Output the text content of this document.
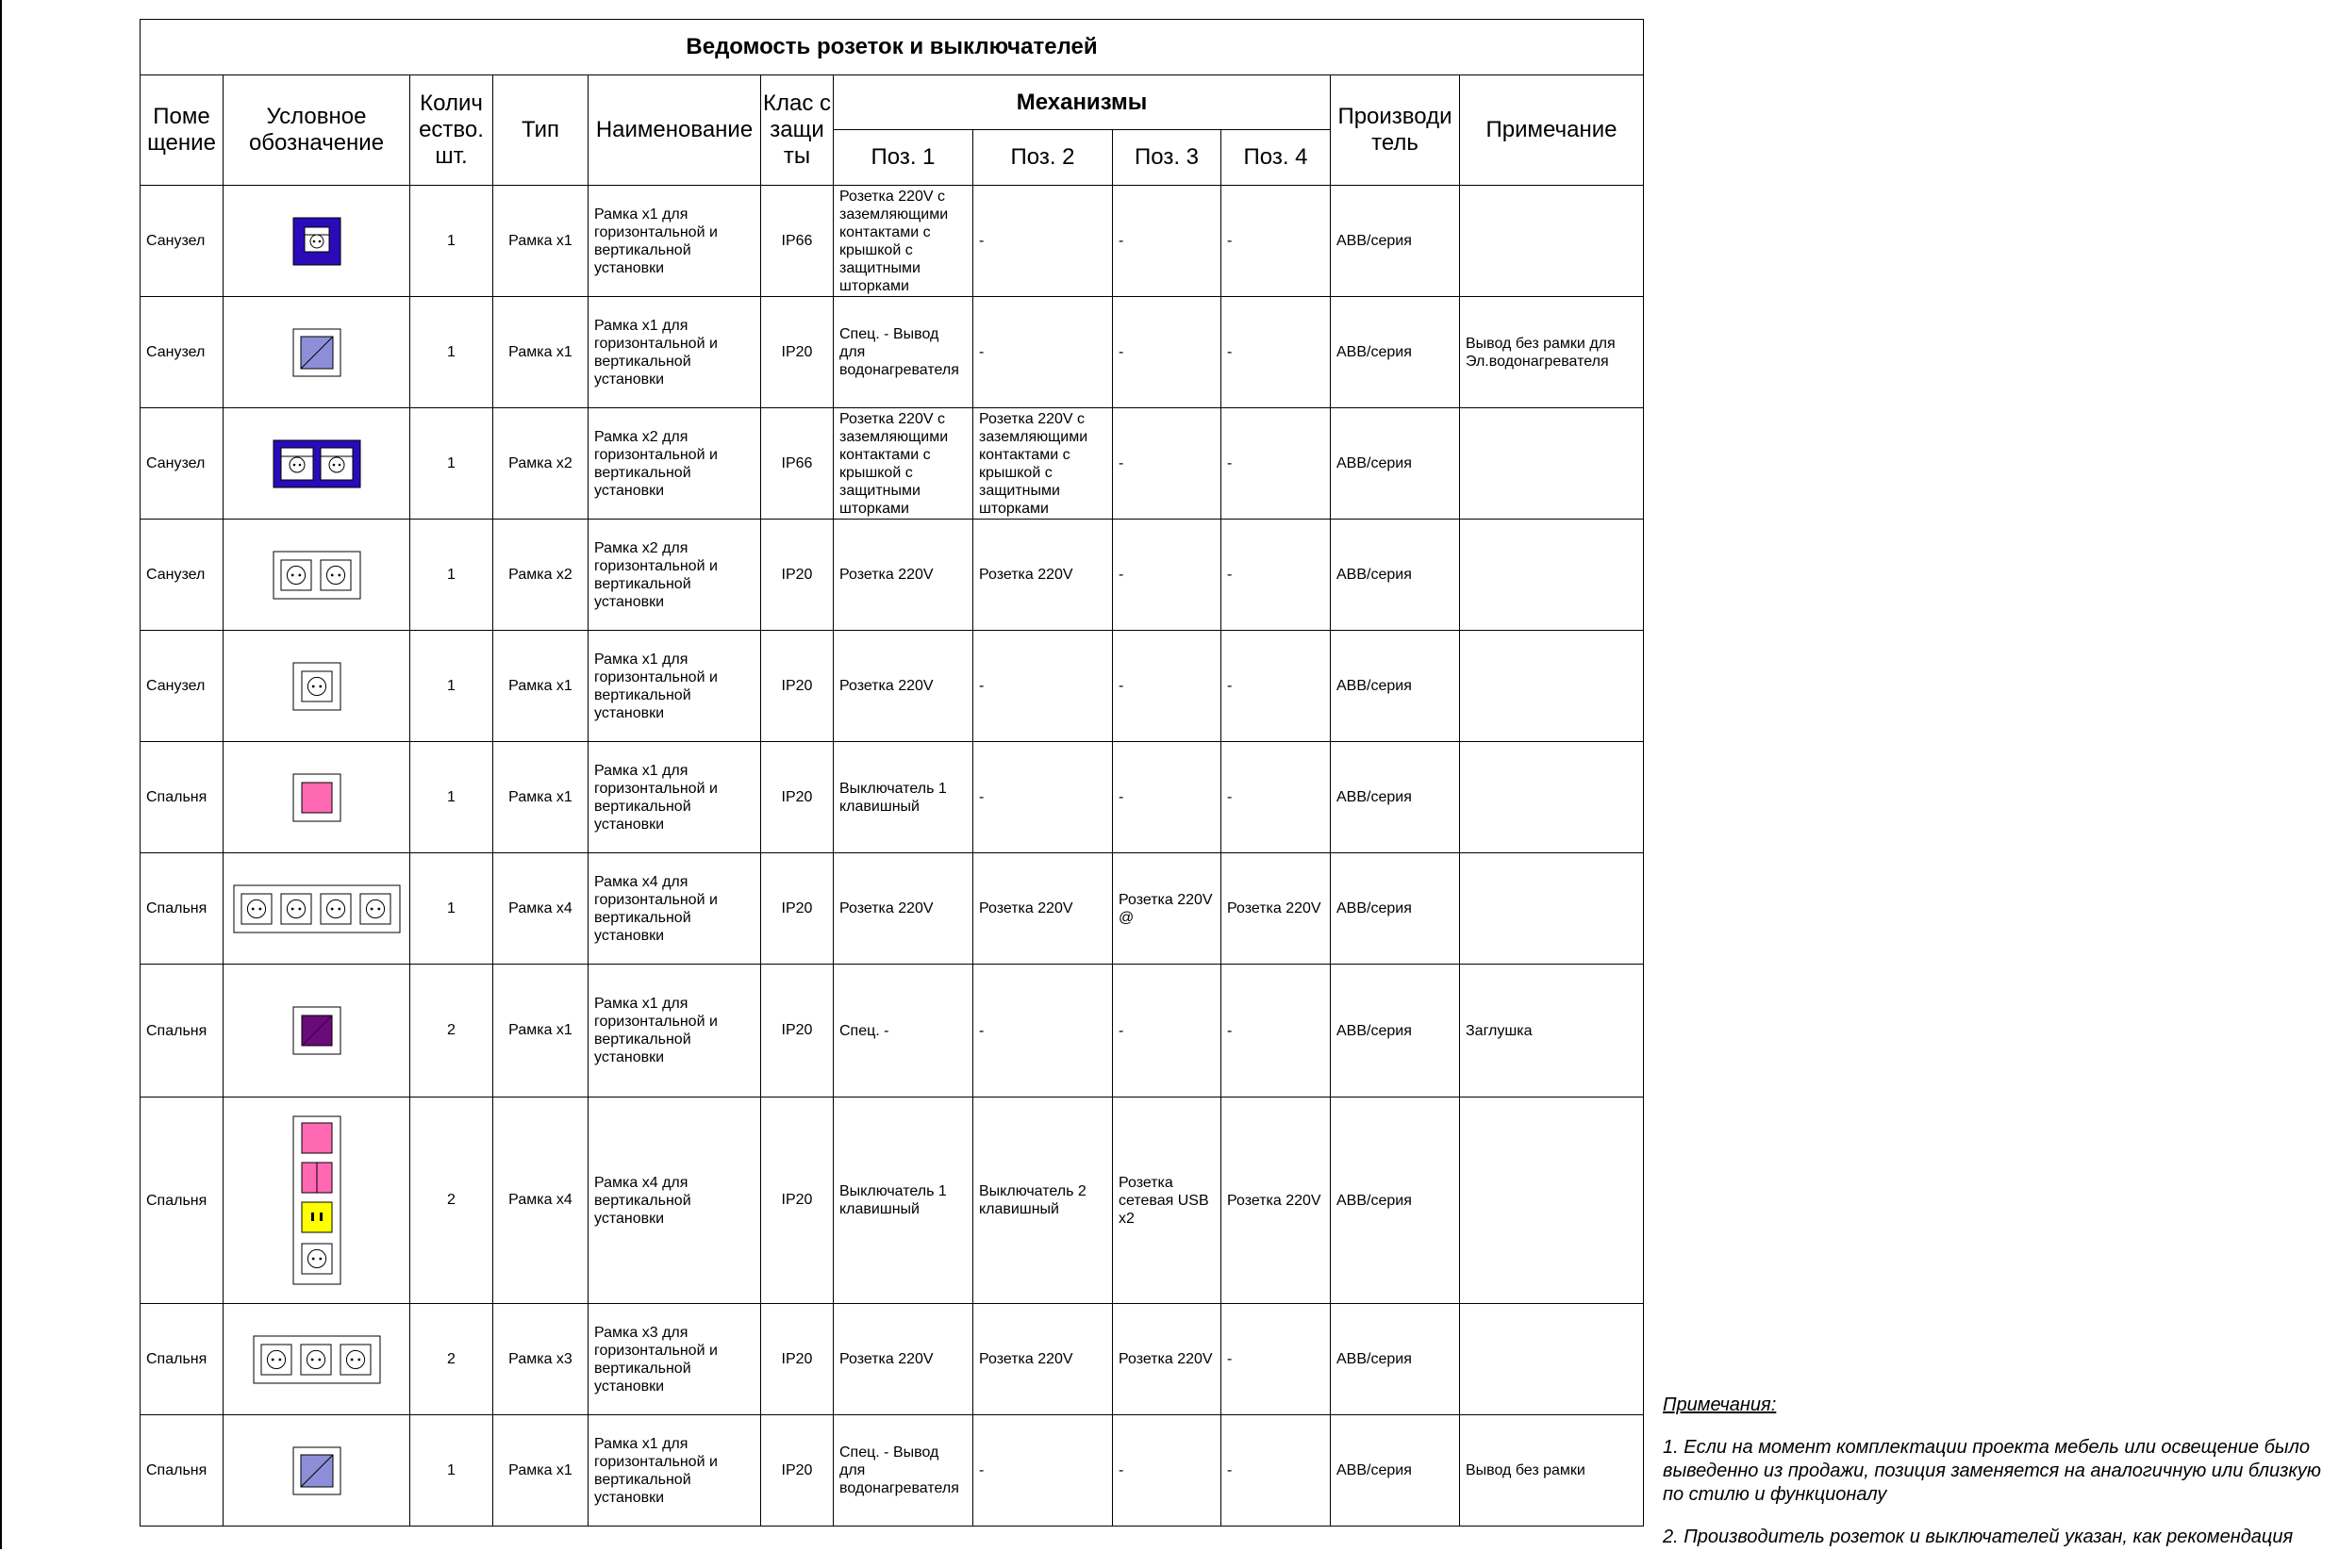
Ведомость розеток и выключателей											
Поме щение	Условное обозначение	Колич ество. шт.	Тип	Наименование	Клас с защи ты	Механизмы				Производи тель	Примечание
						Поз. 1	Поз. 2	Поз. 3	Поз. 4		
Санузел		1	Рамка х1	Рамка х1 для горизонтальной и вертикальной установки	IP66	Розетка 220V с заземляющими контактами с крышкой с защитными шторками	-	-	-	АВВ/серия	
Санузел		1	Рамка х1	Рамка х1 для горизонтальной и вертикальной установки	IP20	Спец. - Вывод для водонагревателя	-	-	-	АВВ/серия	Вывод без рамки для Эл.водонагревателя
Санузел		1	Рамка х2	Рамка х2 для горизонтальной и вертикальной установки	IP66	Розетка 220V с заземляющими контактами с крышкой с защитными шторками	Розетка 220V с заземляющими контактами с крышкой с защитными шторками	-	-	АВВ/серия	
Санузел		1	Рамка х2	Рамка х2 для горизонтальной и вертикальной установки	IP20	Розетка 220V	Розетка 220V	-	-	АВВ/серия	
Санузел		1	Рамка х1	Рамка х1 для горизонтальной и вертикальной установки	IP20	Розетка 220V	-	-	-	АВВ/серия	
Спальня		1	Рамка х1	Рамка х1 для горизонтальной и вертикальной установки	IP20	Выключатель 1 клавишный	-	-	-	АВВ/серия	
Спальня		1	Рамка х4	Рамка х4 для горизонтальной и вертикальной установки	IP20	Розетка 220V	Розетка 220V	Розетка 220V @	Розетка 220V	АВВ/серия	
Спальня		2	Рамка х1	Рамка х1 для горизонтальной и вертикальной установки	IP20	Спец. -	-	-	-	АВВ/серия	Заглушка
Спальня		2	Рамка х4	Рамка х4 для вертикальной установки	IP20	Выключатель 1 клавишный	Выключатель 2 клавишный	Розетка сетевая USB x2	Розетка 220V	АВВ/серия	
Спальня		2	Рамка х3	Рамка х3 для горизонтальной и вертикальной установки	IP20	Розетка 220V	Розетка 220V	Розетка 220V	-	АВВ/серия	
Спальня		1	Рамка х1	Рамка х1 для горизонтальной и вертикальной установки	IP20	Спец. - Вывод для водонагревателя	-	-	-	АВВ/серия	Вывод без рамки
Примечания:

1. Если на момент комплектации проекта мебель или освещение было выведенно из продажи, позиция заменяется на аналогичную или близкую по стилю и функционалу

2. Производитель розеток и выключателей указан, как рекомендация
